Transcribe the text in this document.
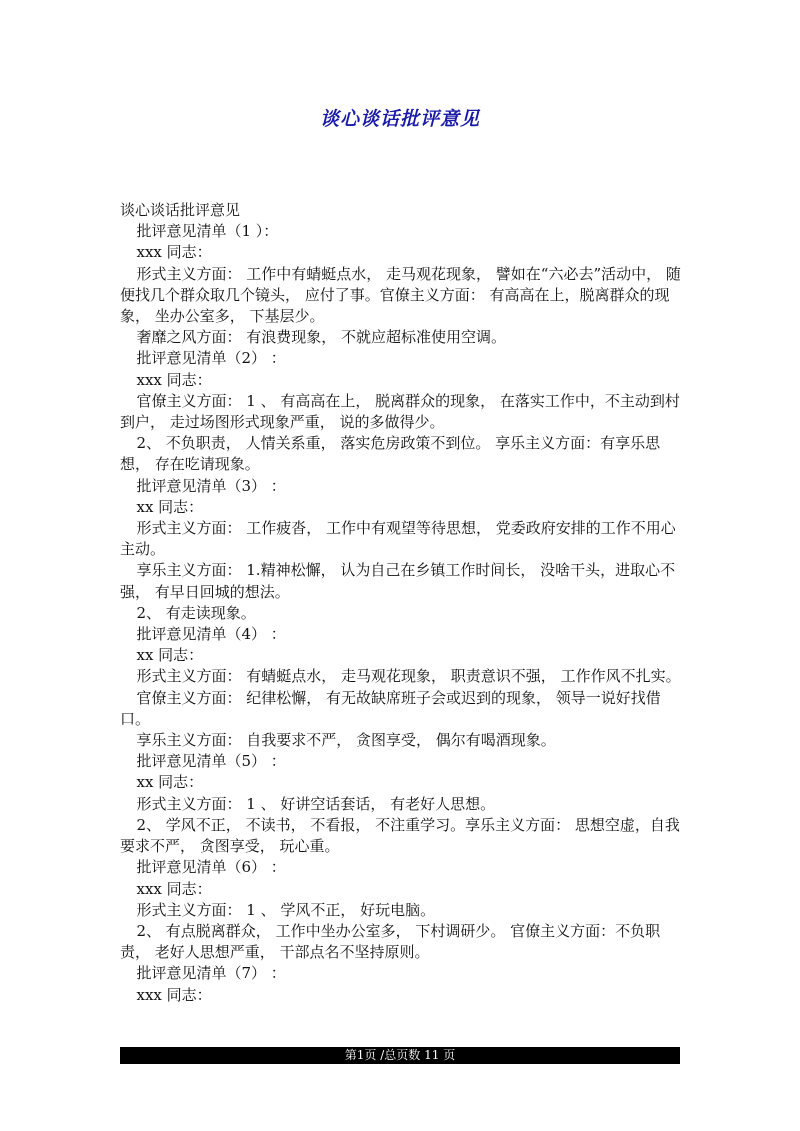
谈心谈话批评意见

谈心谈话批评意见

批评意见清单（1 ）：

xxx 同志：

形式主义方面： 工作中有蜻蜓点水， 走马观花现象， 譬如在“六必去”活动中， 随便找几个群众取几个镜头， 应付了事。官僚主义方面： 有高高在上，脱离群众的现象， 坐办公室多， 下基层少。

奢靡之风方面： 有浪费现象， 不就应超标准使用空调。

批评意见清单（2） ：

xxx 同志：

官僚主义方面： 1 、 有高高在上， 脱离群众的现象， 在落实工作中，不主动到村到户， 走过场图形式现象严重， 说的多做得少。

2、 不负职责， 人情关系重， 落实危房政策不到位。 享乐主义方面：有享乐思想， 存在吃请现象。

批评意见清单（3） ：

xx 同志：

形式主义方面： 工作疲沓， 工作中有观望等待思想， 党委政府安排的工作不用心主动。

享乐主义方面： 1.精神松懈， 认为自己在乡镇工作时间长， 没啥干头，进取心不强， 有早日回城的想法。

2、 有走读现象。

批评意见清单（4） ：

xx 同志：

形式主义方面： 有蜻蜓点水， 走马观花现象， 职责意识不强， 工作作风不扎实。

官僚主义方面： 纪律松懈， 有无故缺席班子会或迟到的现象， 领导一说好找借口。

享乐主义方面： 自我要求不严， 贪图享受， 偶尔有喝酒现象。

批评意见清单（5） ：

xx 同志：

形式主义方面： 1 、 好讲空话套话， 有老好人思想。

2、 学风不正， 不读书， 不看报， 不注重学习。享乐主义方面： 思想空虚，自我要求不严， 贪图享受， 玩心重。

批评意见清单（6） ：

xxx 同志：

形式主义方面： 1 、 学风不正， 好玩电脑。

2、 有点脱离群众， 工作中坐办公室多， 下村调研少。 官僚主义方面：不负职责， 老好人思想严重， 干部点名不坚持原则。

批评意见清单（7） ：

xxx 同志：

第1页 /总页数 11 页
